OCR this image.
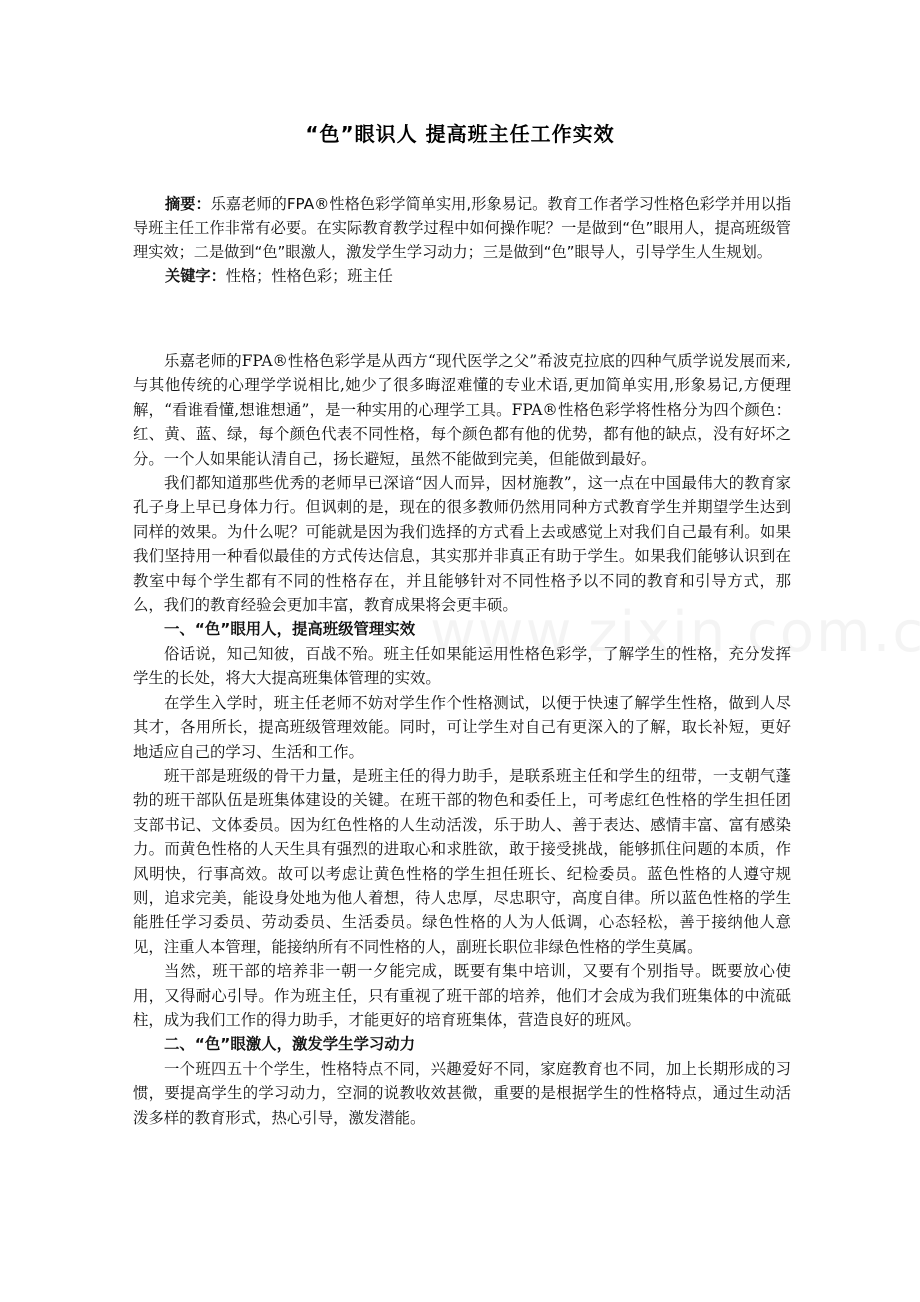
“色”眼识人 提高班主任工作实效

摘要：乐嘉老师的FPA®性格色彩学简单实用,形象易记。教育工作者学习性格色彩学并用以指导班主任工作非常有必要。在实际教育教学过程中如何操作呢？一是做到“色”眼用人，提高班级管理实效；二是做到“色”眼激人，激发学生学习动力；三是做到“色”眼导人，引导学生人生规划。

关键字：性格；性格色彩；班主任

乐嘉老师的FPA®性格色彩学是从西方“现代医学之父”希波克拉底的四种气质学说发展而来,与其他传统的心理学学说相比,她少了很多晦涩难懂的专业术语,更加简单实用,形象易记,方便理解，“看谁看懂,想谁想通”，是一种实用的心理学工具。FPA®性格色彩学将性格分为四个颜色：红、黄、蓝、绿，每个颜色代表不同性格，每个颜色都有他的优势，都有他的缺点，没有好坏之分。一个人如果能认清自己，扬长避短，虽然不能做到完美，但能做到最好。

我们都知道那些优秀的老师早已深谙“因人而异，因材施教”，这一点在中国最伟大的教育家孔子身上早已身体力行。但讽刺的是，现在的很多教师仍然用同种方式教育学生并期望学生达到同样的效果。为什么呢？可能就是因为我们选择的方式看上去或感觉上对我们自己最有利。如果我们坚持用一种看似最佳的方式传达信息，其实那并非真正有助于学生。如果我们能够认识到在教室中每个学生都有不同的性格存在，并且能够针对不同性格予以不同的教育和引导方式，那么，我们的教育经验会更加丰富，教育成果将会更丰硕。

一、“色”眼用人，提高班级管理实效

俗话说，知己知彼，百战不殆。班主任如果能运用性格色彩学，了解学生的性格，充分发挥学生的长处，将大大提高班集体管理的实效。

在学生入学时，班主任老师不妨对学生作个性格测试，以便于快速了解学生性格，做到人尽其才，各用所长，提高班级管理效能。同时，可让学生对自己有更深入的了解，取长补短，更好地适应自己的学习、生活和工作。

班干部是班级的骨干力量，是班主任的得力助手，是联系班主任和学生的纽带，一支朝气蓬勃的班干部队伍是班集体建设的关键。在班干部的物色和委任上，可考虑红色性格的学生担任团支部书记、文体委员。因为红色性格的人生动活泼，乐于助人、善于表达、感情丰富、富有感染力。而黄色性格的人天生具有强烈的进取心和求胜欲，敢于接受挑战，能够抓住问题的本质，作风明快，行事高效。故可以考虑让黄色性格的学生担任班长、纪检委员。蓝色性格的人遵守规则，追求完美，能设身处地为他人着想，待人忠厚，尽忠职守，高度自律。所以蓝色性格的学生能胜任学习委员、劳动委员、生活委员。绿色性格的人为人低调，心态轻松，善于接纳他人意见，注重人本管理，能接纳所有不同性格的人，副班长职位非绿色性格的学生莫属。

当然，班干部的培养非一朝一夕能完成，既要有集中培训，又要有个别指导。既要放心使用，又得耐心引导。作为班主任，只有重视了班干部的培养，他们才会成为我们班集体的中流砥柱，成为我们工作的得力助手，才能更好的培育班集体，营造良好的班风。

二、“色”眼激人，激发学生学习动力

一个班四五十个学生，性格特点不同，兴趣爱好不同，家庭教育也不同，加上长期形成的习惯，要提高学生的学习动力，空洞的说教收效甚微，重要的是根据学生的性格特点，通过生动活泼多样的教育形式，热心引导，激发潜能。
